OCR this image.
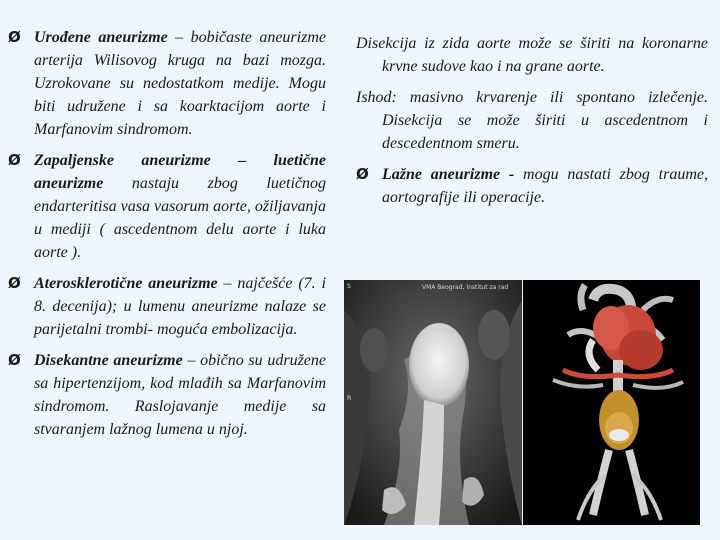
Ø Urođene aneurizme – bobičaste aneurizme arterija Wilisovog kruga na bazi mozga. Uzrokovane su nedostatkom medije. Mogu biti udružene i sa koarktacijom aorte i Marfanovim sindromom.
Ø Zapaljenske aneurizme – luetične aneurizme nastaju zbog luetičnog endarteritisa vasa vasorum aorte, ožiljavanja u mediji ( ascedentnom delu aorte i luka aorte ).
Ø Aterosklerotične aneurizme – najčešće (7. i 8. decenija); u lumenu aneurizme nalaze se parijetalni trombi- moguća embolizacija.
Ø Disekantne aneurizme – obično su udružene sa hipertenzijom, kod mlađih sa Marfanovim sindromom. Raslojavanje medije sa stvaranjem lažnog lumena u njoj.

Disekcija iz zida aorte može se širiti na koronarne krvne sudove kao i na grane aorte.

Ishod: masivno krvarenje ili spontano izlečenje. Disekcija se može širiti u ascedentnom i descedentnom smeru.

Ø Lažne aneurizme - mogu nastati zbog traume, aortografije ili operacije.
S	VMA Beograd, Institut za rad
R
